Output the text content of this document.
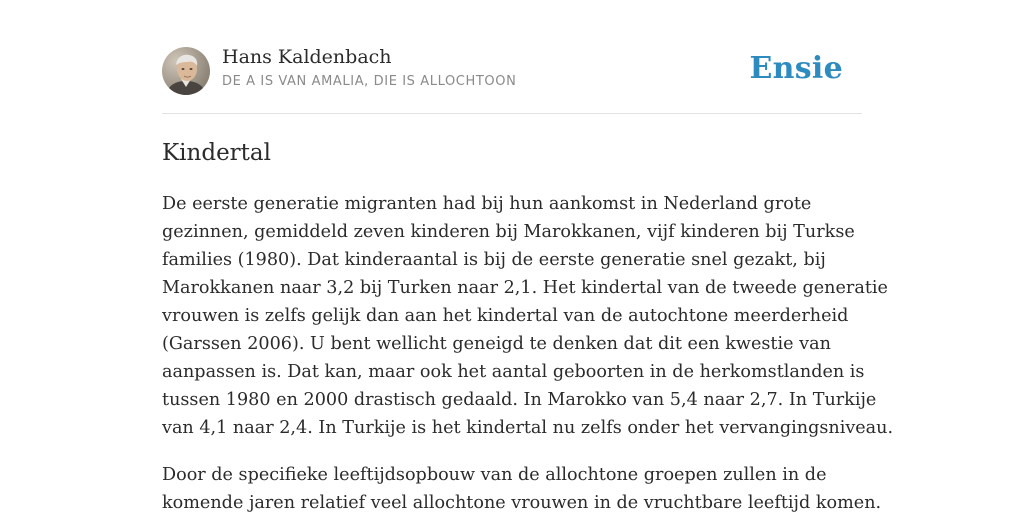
Hans Kaldenbach
DE A IS VAN AMALIA, DIE IS ALLOCHTOON	Ensie
Kindertal

De eerste generatie migranten had bij hun aankomst in Nederland grote
gezinnen, gemiddeld zeven kinderen bij Marokkanen, vijf kinderen bij Turkse
families (1980). Dat kinderaantal is bij de eerste generatie snel gezakt, bij
Marokkanen naar 3,2 bij Turken naar 2,1. Het kindertal van de tweede generatie
vrouwen is zelfs gelijk dan aan het kindertal van de autochtone meerderheid
(Garssen 2006). U bent wellicht geneigd te denken dat dit een kwestie van
aanpassen is. Dat kan, maar ook het aantal geboorten in de herkomstlanden is
tussen 1980 en 2000 drastisch gedaald. In Marokko van 5,4 naar 2,7. In Turkije
van 4,1 naar 2,4. In Turkije is het kindertal nu zelfs onder het vervangingsniveau.

Door de specifieke leeftijdsopbouw van de allochtone groepen zullen in de
komende jaren relatief veel allochtone vrouwen in de vruchtbare leeftijd komen.
